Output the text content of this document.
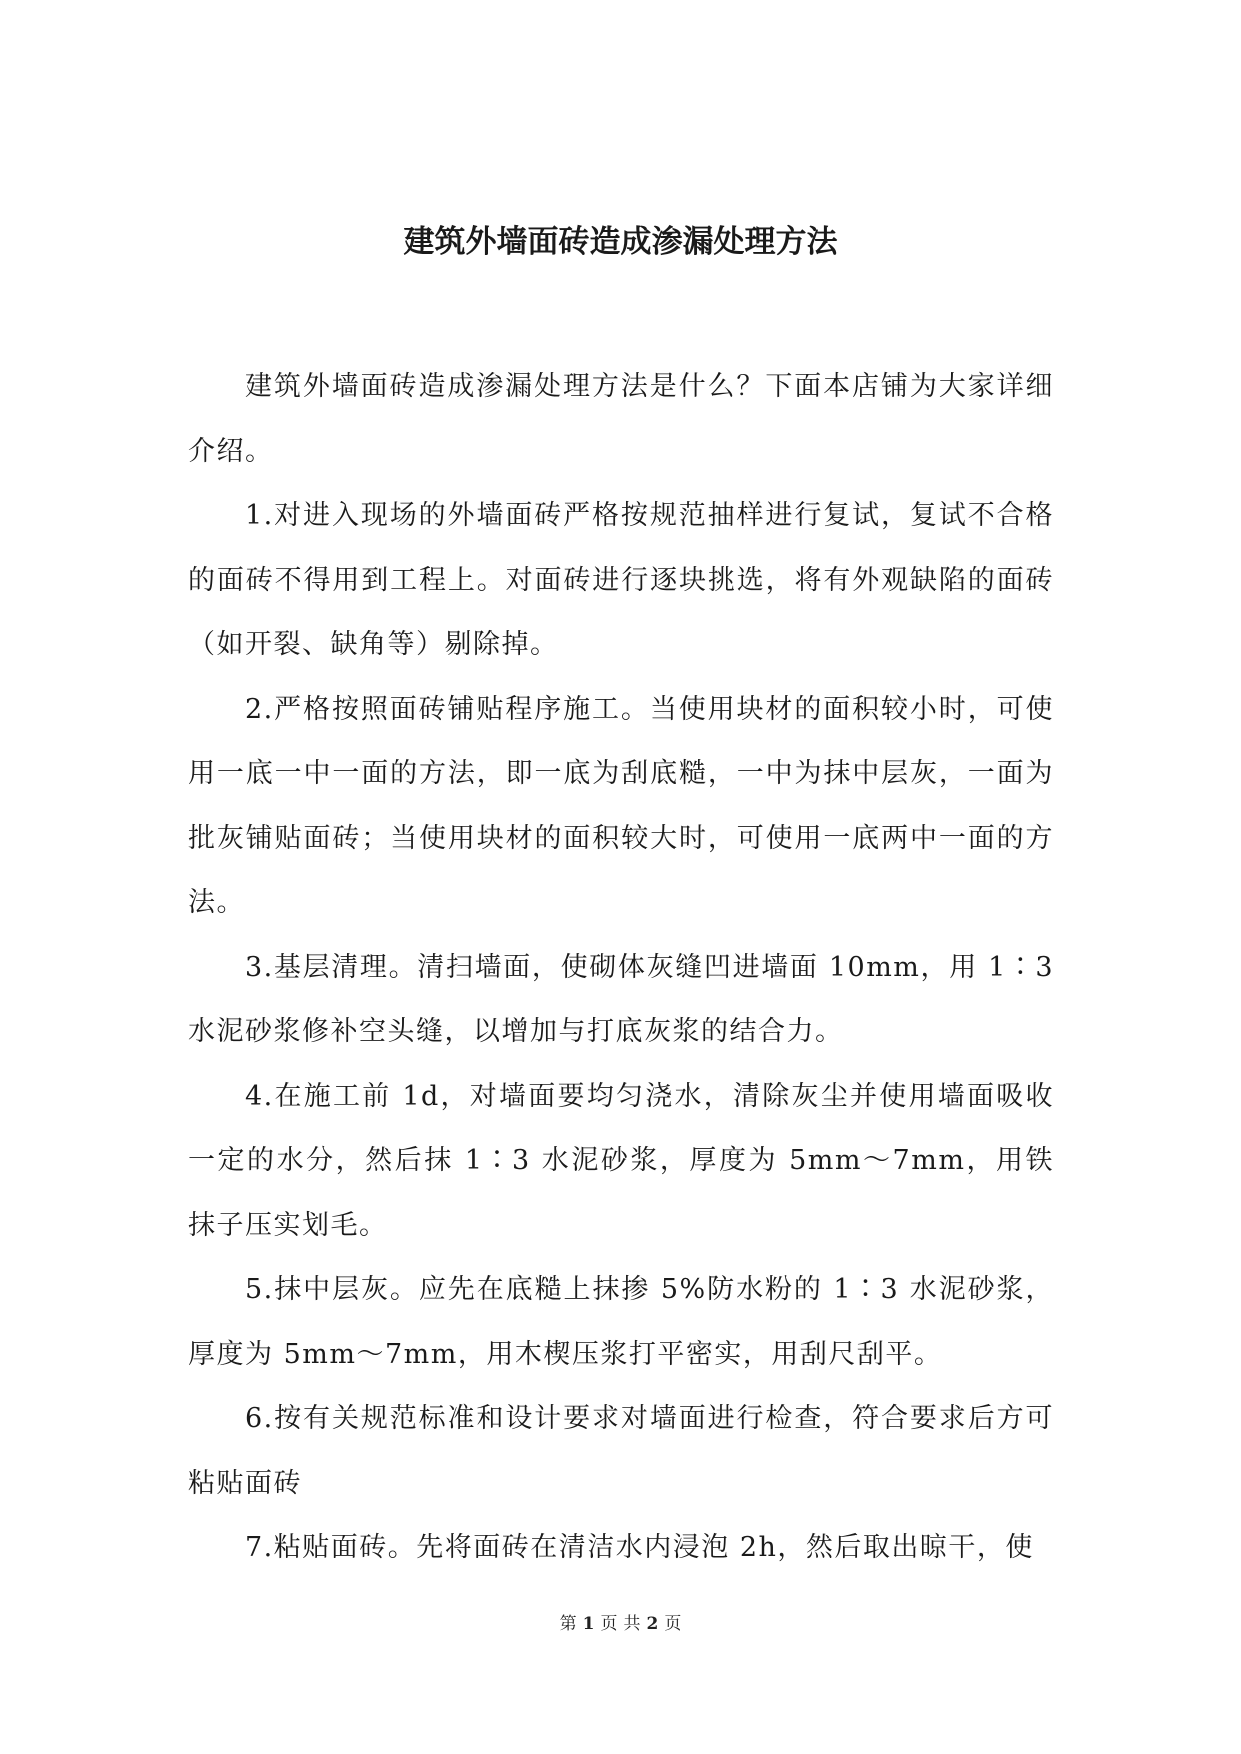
建筑外墙面砖造成渗漏处理方法

建筑外墙面砖造成渗漏处理方法是什么？下面本店铺为大家详细介绍。

1.对进入现场的外墙面砖严格按规范抽样进行复试，复试不合格的面砖不得用到工程上。对面砖进行逐块挑选，将有外观缺陷的面砖（如开裂、缺角等）剔除掉。

2.严格按照面砖铺贴程序施工。当使用块材的面积较小时，可使用一底一中一面的方法，即一底为刮底糙，一中为抹中层灰，一面为批灰铺贴面砖；当使用块材的面积较大时，可使用一底两中一面的方法。

3.基层清理。清扫墙面，使砌体灰缝凹进墙面 10mm，用 1∶3 水泥砂浆修补空头缝，以增加与打底灰浆的结合力。

4.在施工前 1d，对墙面要均匀浇水，清除灰尘并使用墙面吸收一定的水分，然后抹 1∶3 水泥砂浆，厚度为 5mm～7mm，用铁抹子压实划毛。

5.抹中层灰。应先在底糙上抹掺 5%防水粉的 1∶3 水泥砂浆，厚度为 5mm～7mm，用木楔压浆打平密实，用刮尺刮平。

6.按有关规范标准和设计要求对墙面进行检查，符合要求后方可粘贴面砖

7.粘贴面砖。先将面砖在清洁水内浸泡 2h，然后取出晾干，使

第 1 页 共 2 页
